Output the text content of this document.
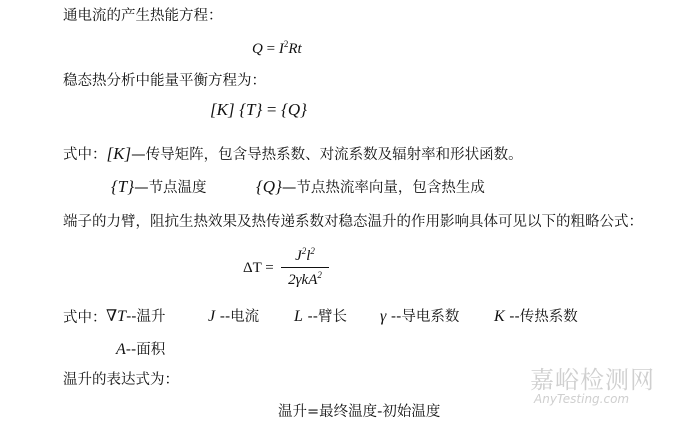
通电流的产生热能方程：
$Q = I^2Rt$
稳态热分析中能量平衡方程为：
[K] {T} = {Q}
式中：[K]—传导矩阵，包含导热系数、对流系数及辐射率和形状函数。
{T}—节点温度	{Q}—节点热流率向量，包含热生成
端子的力臂，阻抗生热效果及热传递系数对稳态温升的作用影响具体可见以下的粗略公式：
ΔT =
$J^2l^2$
2γkA$^2$
式中： ∇T--温升	J --电流 L --臂长 γ --导电系数 K --传热系数
A--面积
温升的表达式为：
温升=最终温度-初始温度
嘉峪检测网
AnyTesting.com
